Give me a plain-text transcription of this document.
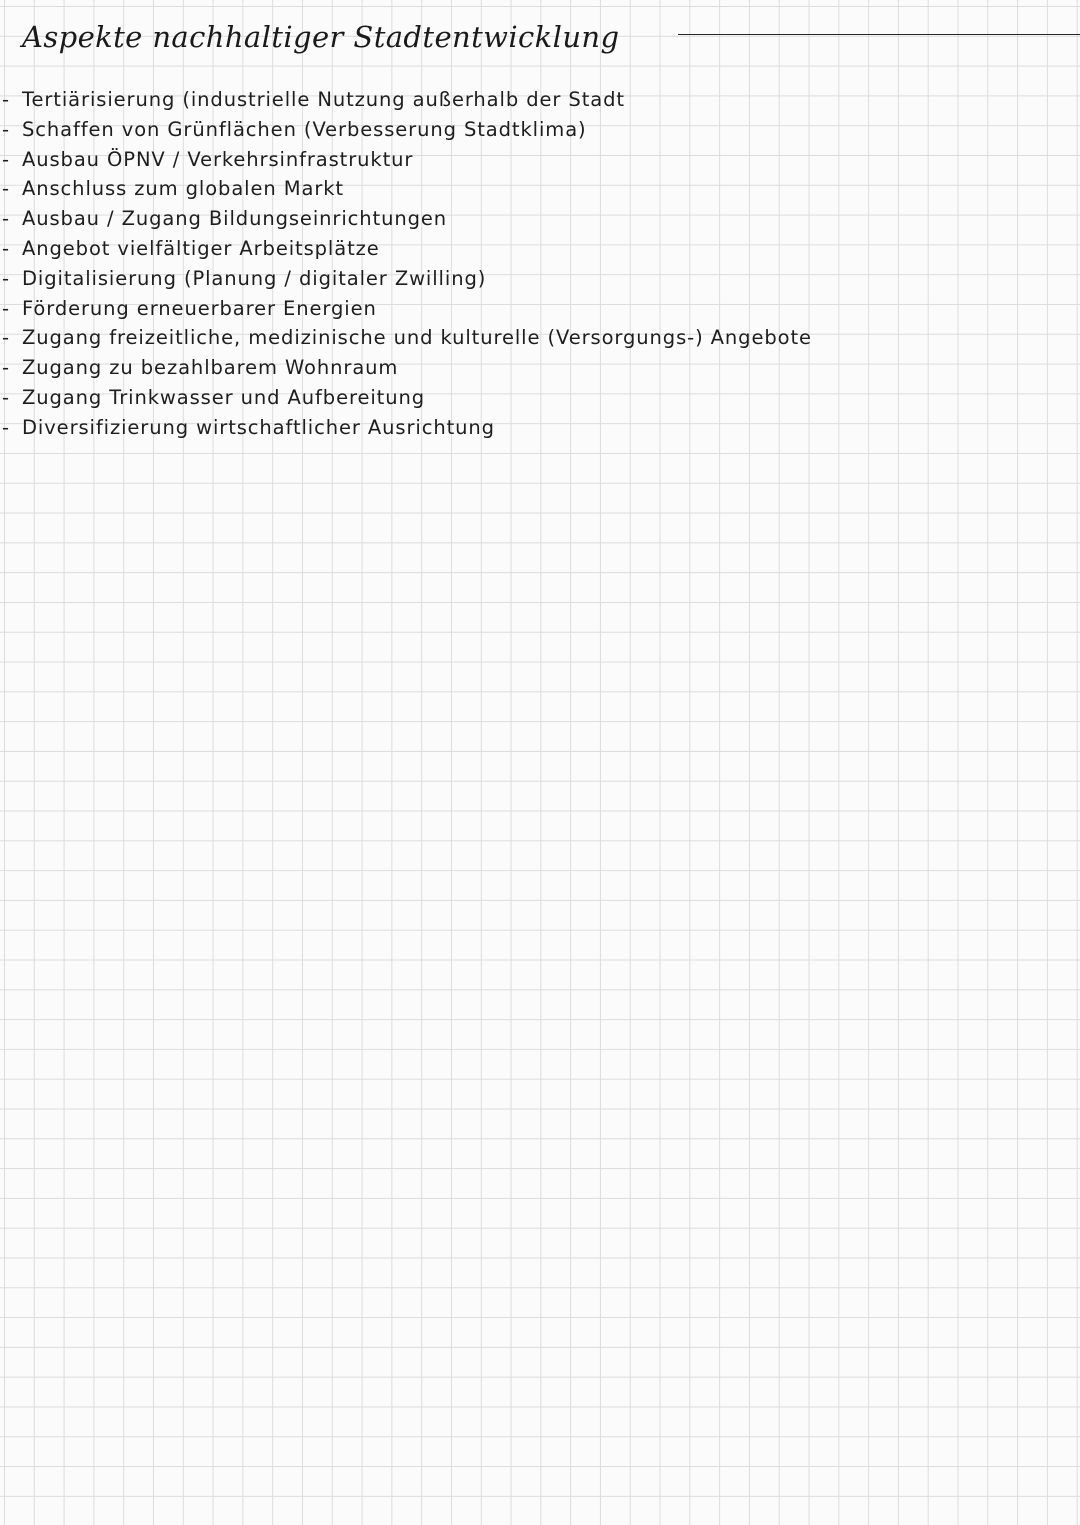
Aspekte nachhaltiger Stadtentwicklung
- Tertiärisierung (industrielle Nutzung außerhalb der Stadt
- Schaffen von Grünflächen (Verbesserung Stadtklima)
- Ausbau ÖPNV / Verkehrsinfrastruktur
- Anschluss zum globalen Markt
- Ausbau / Zugang Bildungseinrichtungen
- Angebot vielfältiger Arbeitsplätze
- Digitalisierung (Planung / digitaler Zwilling)
- Förderung erneuerbarer Energien
- Zugang freizeitliche, medizinische und kulturelle (Versorgungs-) Angebote
- Zugang zu bezahlbarem Wohnraum
- Zugang Trinkwasser und Aufbereitung
- Diversifizierung wirtschaftlicher Ausrichtung
